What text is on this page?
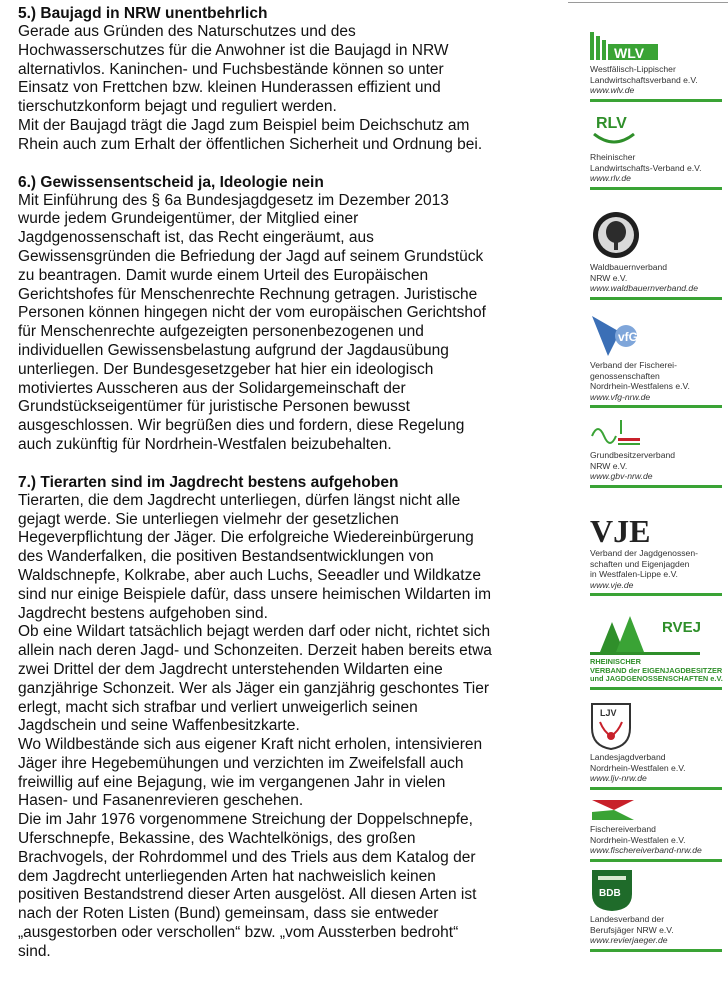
5.) Baujagd in NRW unentbehrlich

Gerade aus Gründen des Naturschutzes und des
Hochwasserschutzes für die Anwohner ist die Baujagd in NRW
alternativlos. Kaninchen- und Fuchsbestände können so unter
Einsatz von Frettchen bzw. kleinen Hunderassen effizient und
tierschutzkonform bejagt und reguliert werden.

Mit der Baujagd trägt die Jagd zum Beispiel beim Deichschutz am
Rhein auch zum Erhalt der öffentlichen Sicherheit und Ordnung bei.

6.) Gewissensentscheid ja, Ideologie nein

Mit Einführung des § 6a Bundesjagdgesetz im Dezember 2013
wurde jedem Grundeigentümer, der Mitglied einer
Jagdgenossenschaft ist, das Recht eingeräumt, aus
Gewissensgründen die Befriedung der Jagd auf seinem Grundstück
zu beantragen. Damit wurde einem Urteil des Europäischen
Gerichtshofes für Menschenrechte Rechnung getragen. Juristische
Personen können hingegen nicht der vom europäischen Gerichtshof
für Menschenrechte aufgezeigten personenbezogenen und
individuellen Gewissensbelastung aufgrund der Jagdausübung
unterliegen. Der Bundesgesetzgeber hat hier ein ideologisch
motiviertes Ausscheren aus der Solidargemeinschaft der
Grundstückseigentümer für juristische Personen bewusst
ausgeschlossen. Wir begrüßen dies und fordern, diese Regelung
auch zukünftig für Nordrhein-Westfalen beizubehalten.

7.) Tierarten sind im Jagdrecht bestens aufgehoben

Tierarten, die dem Jagdrecht unterliegen, dürfen längst nicht alle
gejagt werde. Sie unterliegen vielmehr der gesetzlichen
Hegeverpflichtung der Jäger. Die erfolgreiche Wiedereinbürgerung
des Wanderfalken, die positiven Bestandsentwicklungen von
Waldschnepfe, Kolkrabe, aber auch Luchs, Seeadler und Wildkatze
sind nur einige Beispiele dafür, dass unsere heimischen Wildarten im
Jagdrecht bestens aufgehoben sind.

Ob eine Wildart tatsächlich bejagt werden darf oder nicht, richtet sich
allein nach deren Jagd- und Schonzeiten. Derzeit haben bereits etwa
zwei Drittel der dem Jagdrecht unterstehenden Wildarten eine
ganzjährige Schonzeit. Wer als Jäger ein ganzjährig geschontes Tier
erlegt, macht sich strafbar und verliert unweigerlich seinen
Jagdschein und seine Waffenbesitzkarte.

Wo Wildbestände sich aus eigener Kraft nicht erholen, intensivieren
Jäger ihre Hegebemühungen und verzichten im Zweifelsfall auch
freiwillig auf eine Bejagung, wie im vergangenen Jahr in vielen
Hasen- und Fasanenrevieren geschehen.

Die im Jahr 1976 vorgenommene Streichung der Doppelschnepfe,
Uferschnepfe, Bekassine, des Wachtelkönigs, des großen
Brachvogels, der Rohrdommel und des Triels aus dem Katalog der
dem Jagdrecht unterliegenden Arten hat nachweislich keinen
positiven Bestandstrend dieser Arten ausgelöst. All diesen Arten ist
nach der Roten Listen (Bund) gemeinsam, dass sie entweder
„ausgestorben oder verschollen“ bzw. „vom Aussterben bedroht“
sind.

WLV
Westfälisch-Lippischer
Landwirtschaftsverband e.V.
www.wlv.de
RLV
Rheinischer
Landwirtschafts-Verband e.V.
www.rlv.de
Waldbauernverband
NRW e.V.
www.waldbauernverband.de
vfG
Verband der Fischerei-
genossenschaften
Nordrhein-Westfalens e.V.
www.vfg-nrw.de
Grundbesitzerverband
NRW e.V.
www.gbv-nrw.de
VJE
Verband der Jagdgenossen-
schaften und Eigenjagden
in Westfalen-Lippe e.V.
www.vje.de
RVEJ
RHEINISCHER
VERBAND der EIGENJAGDBESITZER
und JAGDGENOSSENSCHAFTEN e.V.
LJV
Landesjagdverband
Nordrhein-Westfalen e.V.
www.ljv-nrw.de
Fischereiverband
Nordrhein-Westfalen e.V.
www.fischereiverband-nrw.de
BDB
Landesverband der
Berufsjäger NRW e.V.
www.revierjaeger.de
